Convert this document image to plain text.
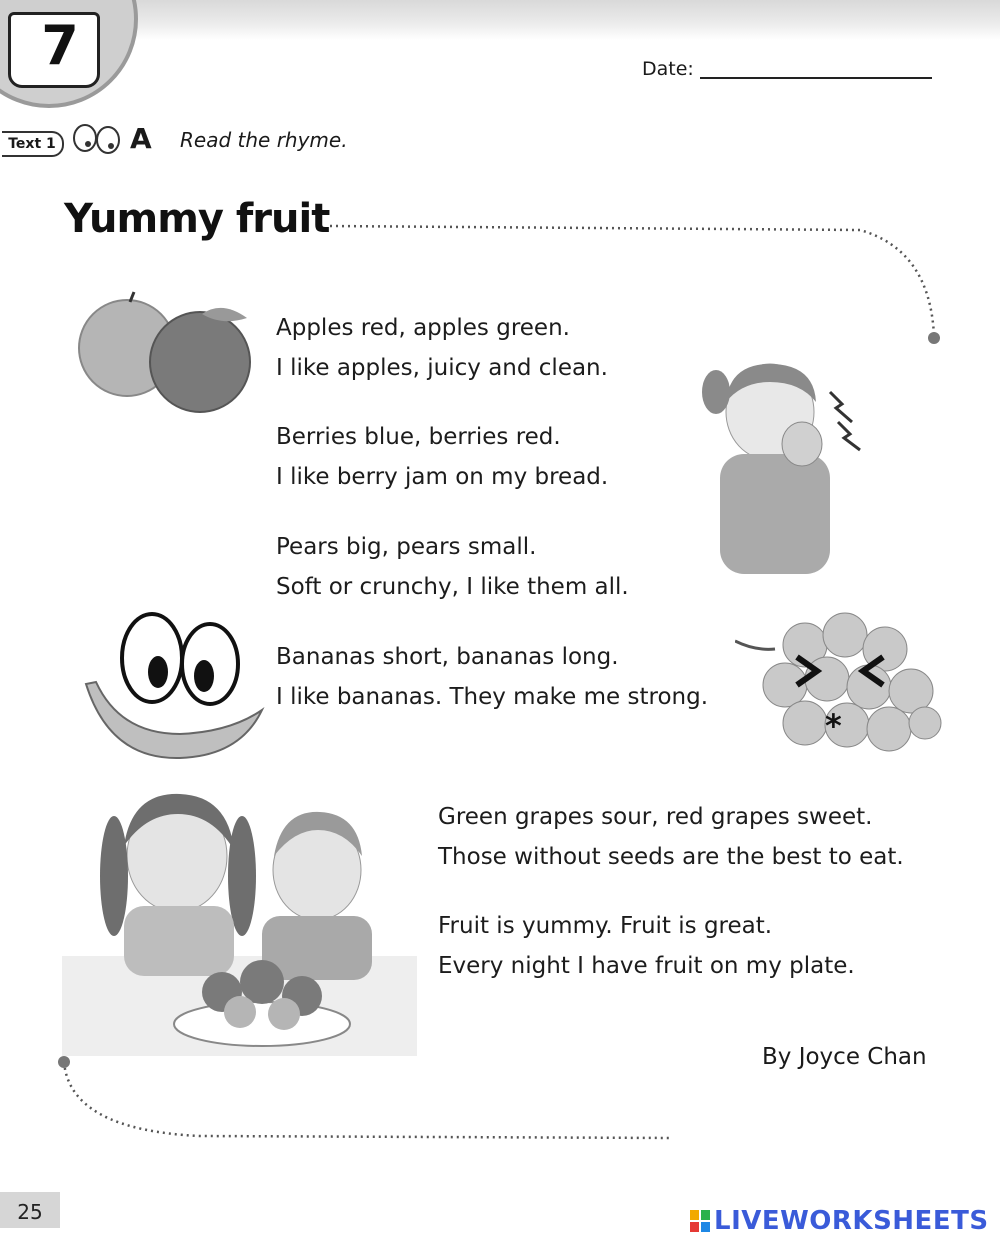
7	Date:
Text 1	A Read the rhyme.
Yummy fruit
*

Apples red, apples green.

I like apples, juicy and clean.

Berries blue, berries red.

I like berry jam on my bread.

Pears big, pears small.

Soft or crunchy, I like them all.

Bananas short, bananas long.

I like bananas. They make me strong.

Green grapes sour, red grapes sweet.

Those without seeds are the best to eat.

Fruit is yummy. Fruit is great.

Every night I have fruit on my plate.

By Joyce Chan
25	LIVEWORKSHEETS
